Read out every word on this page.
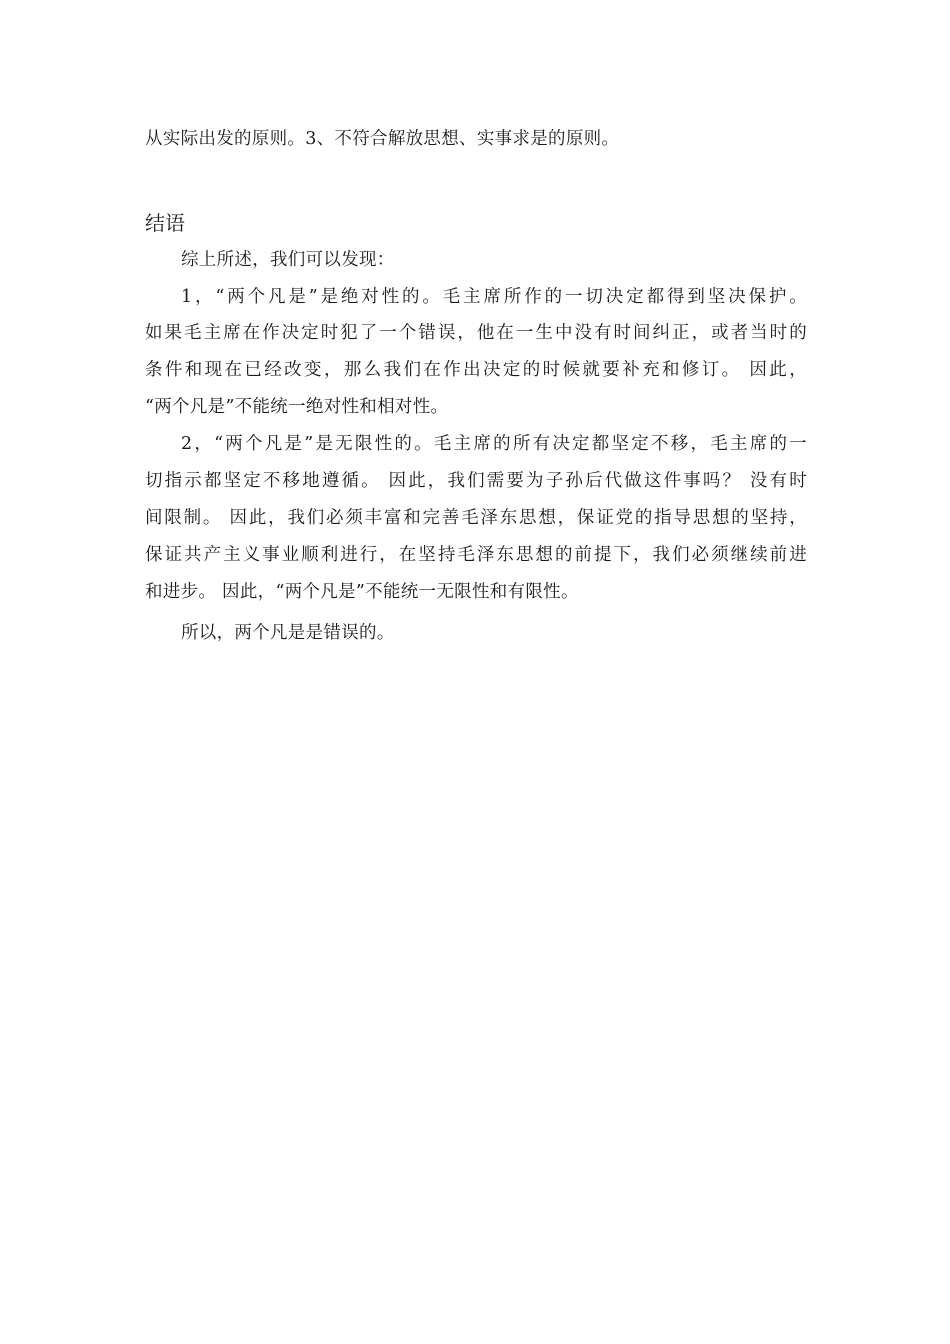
从实际出发的原则。3、不符合解放思想、实事求是的原则。
结语
综上所述，我们可以发现：
1，“两个凡是”是绝对性的。毛主席所作的一切决定都得到坚决保护。
如果毛主席在作决定时犯了一个错误，他在一生中没有时间纠正，或者当时的
条件和现在已经改变，那么我们在作出决定的时候就要补充和修订。 因此，
“两个凡是”不能统一绝对性和相对性。
2，“两个凡是”是无限性的。毛主席的所有决定都坚定不移，毛主席的一
切指示都坚定不移地遵循。 因此，我们需要为子孙后代做这件事吗？ 没有时
间限制。 因此，我们必须丰富和完善毛泽东思想，保证党的指导思想的坚持，
保证共产主义事业顺利进行，在坚持毛泽东思想的前提下，我们必须继续前进
和进步。 因此，“两个凡是”不能统一无限性和有限性。
所以，两个凡是是错误的。
